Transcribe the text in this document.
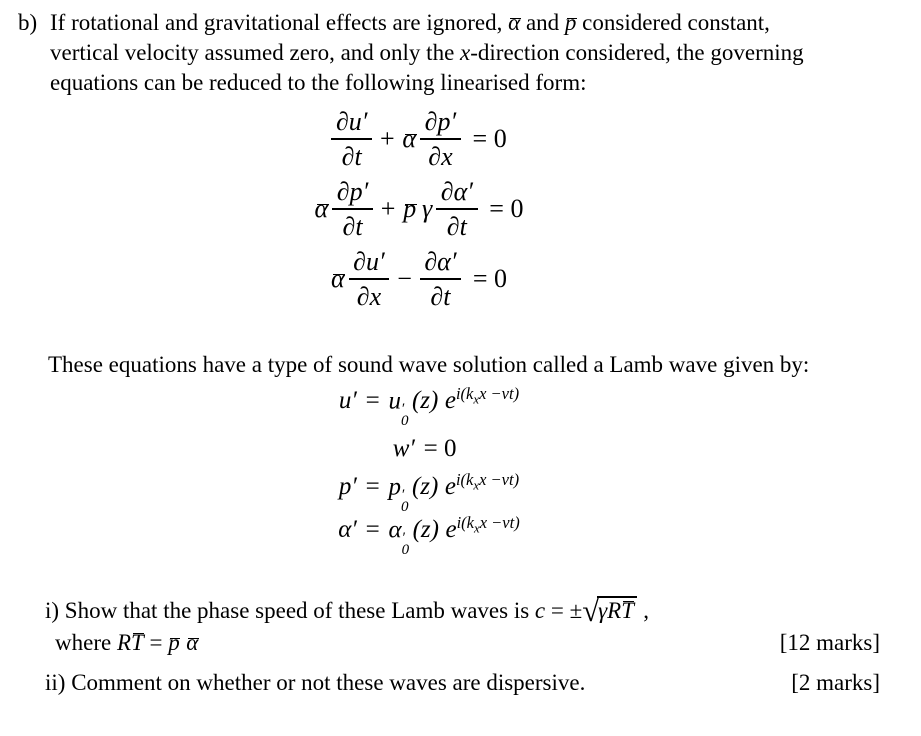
b) If rotational and gravitational effects are ignored, α and p considered constant,
vertical velocity assumed zero, and only the x-direction considered, the governing
equations can be reduced to the following linearised form:
$\frac{\partial u'}{\partial t} + \alpha \frac{\partial p'}{\partial x} = 0$
α $\frac{\partial p'}{\partial t} + p$ γ $\frac{\partial\alpha'}{\partial t} = 0$
α $\frac{\partial u'}{\partial x} - \frac{\partial\alpha'}{\partial t} = 0$
These equations have a type of sound wave solution called a Lamb wave given by:
u′ = u ′
0
(z) $e^{i(k_xx -vt)}$
w′ = 0
p′ = p ′
0
(z) $e^{i(k_xx -vt)}$
α′ = α ′
0
(z) $e^{i(k_xx -vt)}$
i) Show that the phase speed of these Lamb waves is c = ±√γRT ,
where RT = p α	[12 marks]
ii) Comment on whether or not these waves are dispersive.	[2 marks]
